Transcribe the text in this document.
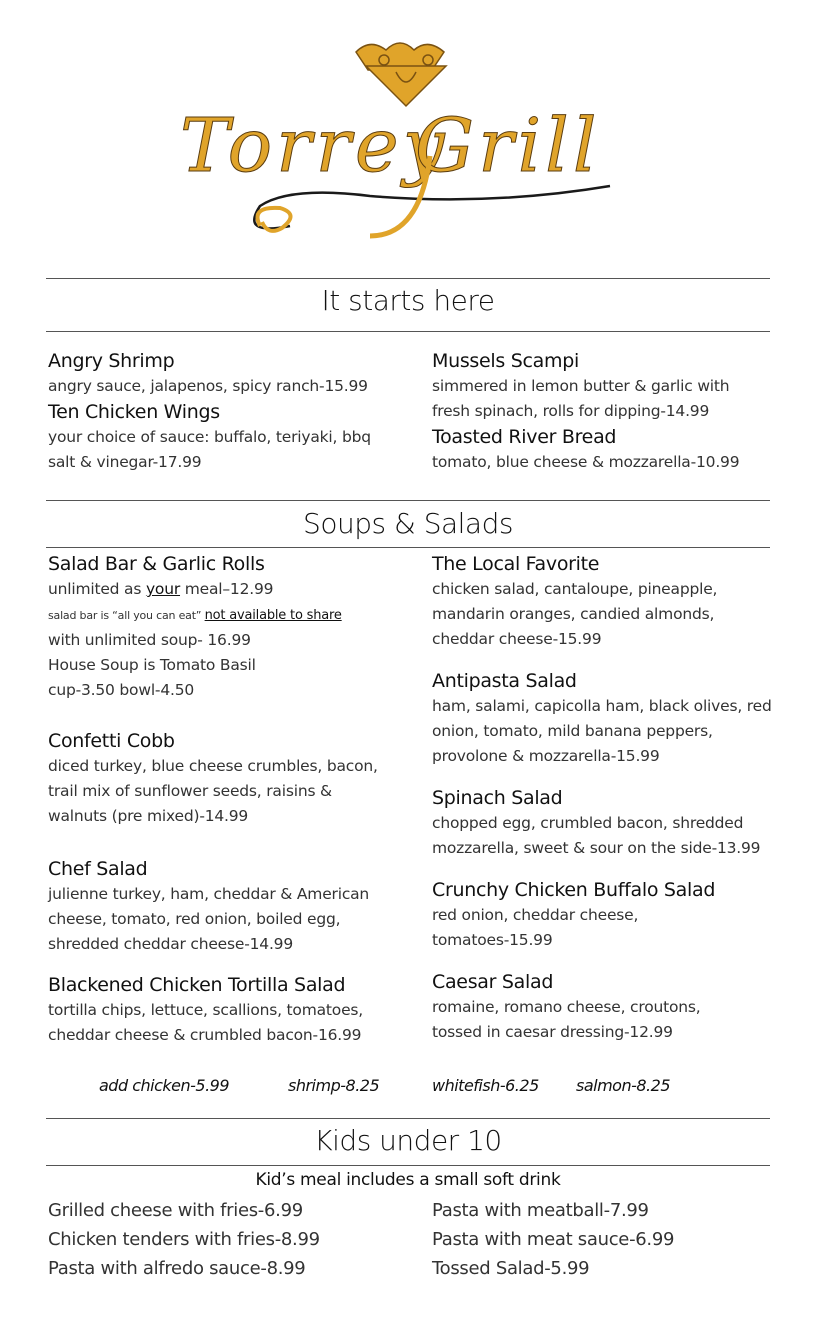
Torrey
Grill
It starts here
Angry Shrimp
angry sauce, jalapenos, spicy ranch-15.99
Ten Chicken Wings
your choice of sauce: buffalo, teriyaki, bbq salt & vinegar-17.99
Mussels Scampi
simmered in lemon butter & garlic with fresh spinach, rolls for dipping-14.99
Toasted River Bread
tomato, blue cheese & mozzarella-10.99
Soups & Salads
Salad Bar & Garlic Rolls
unlimited as your meal–12.99
salad bar is “all you can eat” not available to share
with unlimited soup- 16.99
House Soup is Tomato Basil
cup-3.50 bowl-4.50
Confetti Cobb
diced turkey, blue cheese crumbles, bacon, trail mix of sunflower seeds, raisins & walnuts (pre mixed)-14.99
Chef Salad
julienne turkey, ham, cheddar & American cheese, tomato, red onion, boiled egg, shredded cheddar cheese-14.99
Blackened Chicken Tortilla Salad
tortilla chips, lettuce, scallions, tomatoes, cheddar cheese & crumbled bacon-16.99
The Local Favorite
chicken salad, cantaloupe, pineapple, mandarin oranges, candied almonds, cheddar cheese-15.99
Antipasta Salad
ham, salami, capicolla ham, black olives, red onion, tomato, mild banana peppers, provolone & mozzarella-15.99
Spinach Salad
chopped egg, crumbled bacon, shredded mozzarella, sweet & sour on the side-13.99
Crunchy Chicken Buffalo Salad
red onion, cheddar cheese, tomatoes-15.99
Caesar Salad
romaine, romano cheese, croutons, tossed in caesar dressing-12.99
add chicken-5.99	shrimp-8.25	whitefish-6.25 salmon-8.25
Kids under 10
Kid’s meal includes a small soft drink
Grilled cheese with fries-6.99
Chicken tenders with fries-8.99
Pasta with alfredo sauce-8.99
Pasta with meatball-7.99
Pasta with meat sauce-6.99
Tossed Salad-5.99
